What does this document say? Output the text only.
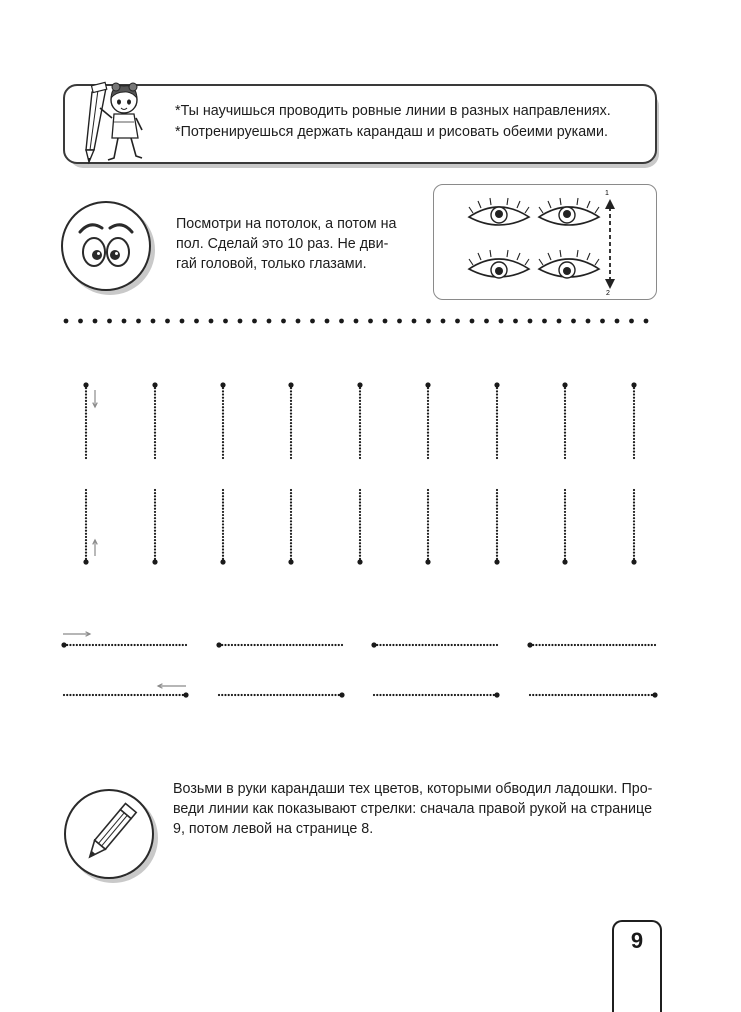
*Ты научишься проводить ровные линии в разных направлениях.
*Потренируешься держать карандаш и рисовать обеими руками.
Посмотри на потолок, а потом на
пол. Сделай это 10 раз. Не дви-
гай головой, только глазами.
1
2
Возьми в руки карандаши тех цветов, которыми обводил ладошки. Про-
веди линии как показывают стрелки: сначала правой рукой на странице
9, потом левой на странице 8.
9
